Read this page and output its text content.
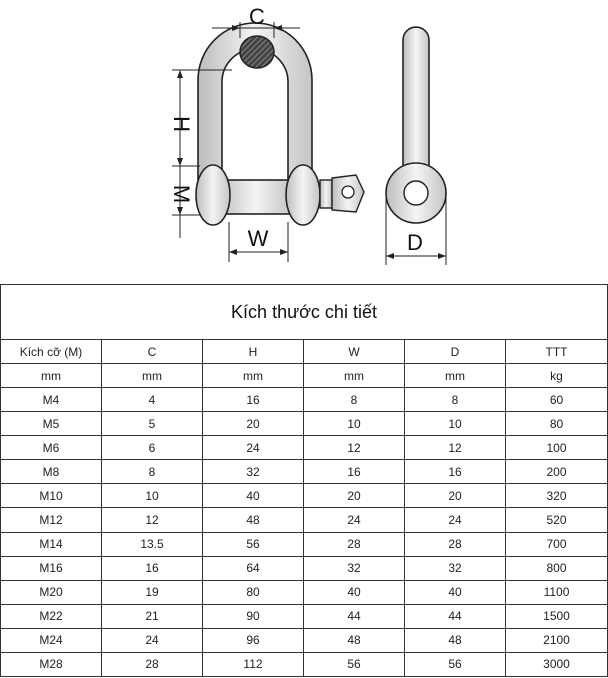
C
H
M
W	D
Kích thước chi tiết					
Kích cỡ (M)	C	H	W	D	TTT
mm	mm	mm	mm	mm	kg
M4	4	16	8	8	60
M5	5	20	10	10	80
M6	6	24	12	12	100
M8	8	32	16	16	200
M10	10	40	20	20	320
M12	12	48	24	24	520
M14	13.5	56	28	28	700
M16	16	64	32	32	800
M20	19	80	40	40	1100
M22	21	90	44	44	1500
M24	24	96	48	48	2100
M28	28	112	56	56	3000
